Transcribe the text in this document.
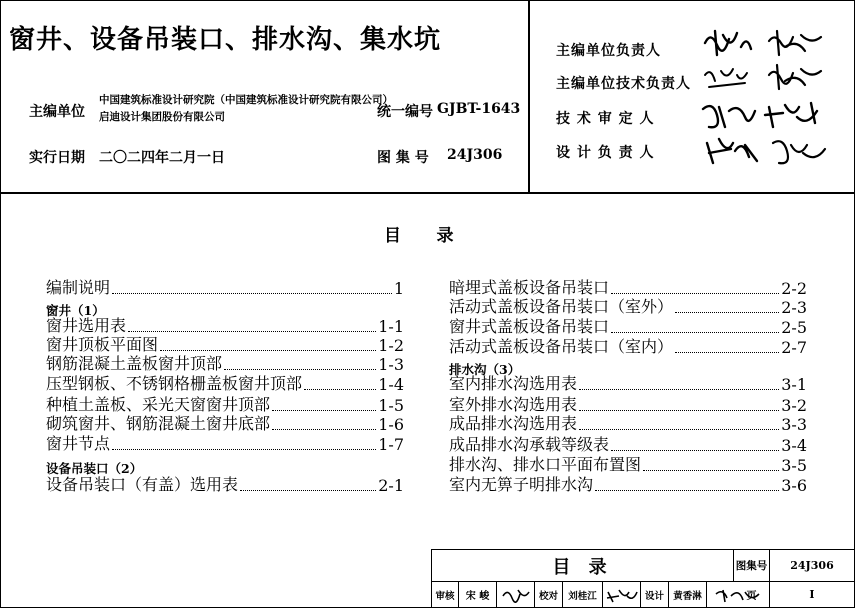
窗井、设备吊装口、排水沟、集水坑
主编单位
中国建筑标准设计研究院（中国建筑标准设计研究院有限公司）
启迪设计集团股份有限公司	统一编号 GJBT-1643
实行日期 二〇二四年二月一日	图 集 号 24J306
主编单位负责人
主编单位技术负责人
技 术 审 定 人
设 计 负 责 人
目      录
编制说明	1
窗井（1）
窗井选用表	1-1
窗井顶板平面图	1-2
钢筋混凝土盖板窗井顶部	1-3
压型钢板、不锈钢格栅盖板窗井顶部	1-4
种植土盖板、采光天窗窗井顶部	1-5
砌筑窗井、钢筋混凝土窗井底部	1-6
窗井节点	1-7
设备吊装口（2）
设备吊装口（有盖）选用表	2-1
暗埋式盖板设备吊装口	2-2
活动式盖板设备吊装口（室外）	2-3
窗井式盖板设备吊装口	2-5
活动式盖板设备吊装口（室内）	2-7
排水沟（3）
室内排水沟选用表	3-1
室外排水沟选用表	3-2
成品排水沟选用表	3-3
成品排水沟承载等级表	3-4
排水沟、排水口平面布置图	3-5
室内无箅子明排水沟	3-6
目 录	图集号	24J306
审核	宋 峻	校对	刘桂江	设计 黄香淋	页	I
